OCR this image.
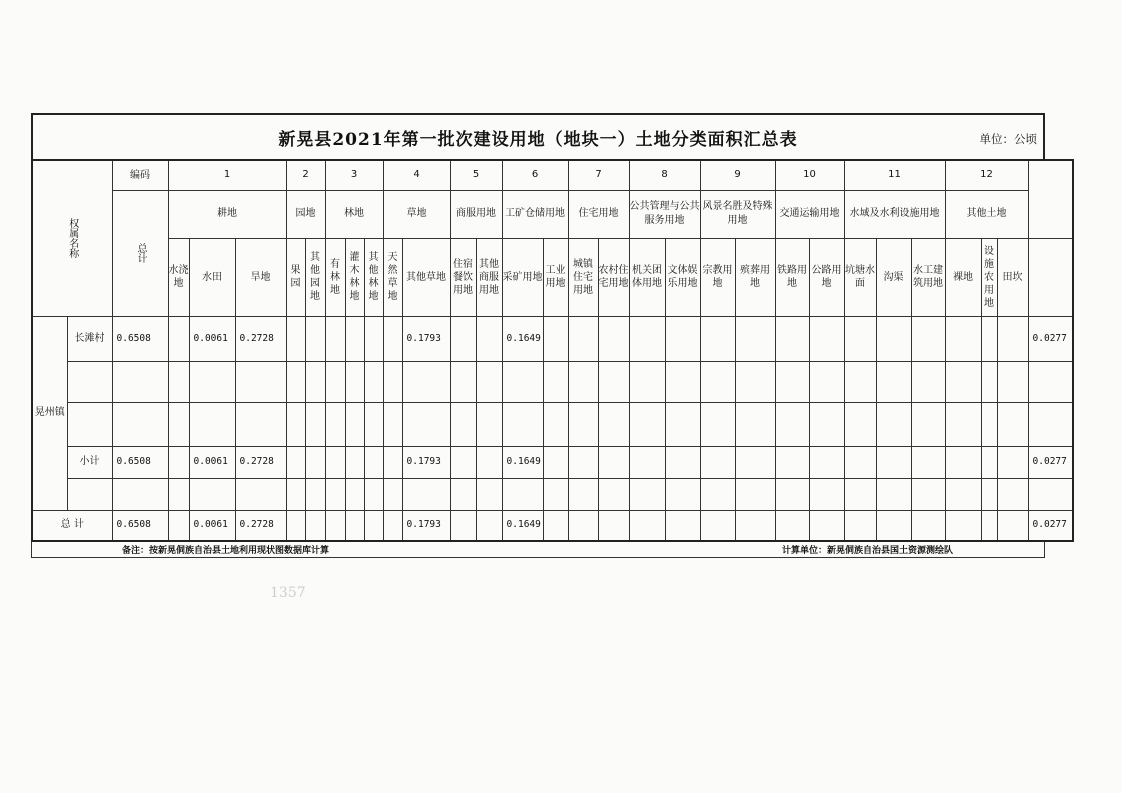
新晃县2021年第一批次建设用地（地块一）土地分类面积汇总表	单位：公顷
权属名称		编码	1			2		3			4		5		6		7		8		9		10		11			12			
		总计	耕地			园地		林地			草地		商服用地		工矿仓储用地		住宅用地		公共管理与公共服务用地		风景名胜及特殊用地		交通运输用地		水域及水利设施用地			其他土地			
			水浇地	水田	旱地	果园	其他园地	有林地	灌木林地	其他林地	天然草地	其他草地	住宿餐饮用地	其他商服用地	采矿用地	工业用地	城镇住宅用地	农村住宅用地	机关团体用地	文体娱乐用地	宗教用地	殡葬用地	铁路用地	公路用地	坑塘水面	沟渠	水工建筑用地	裸地	设施农用地	田坎	
晃州镇	长滩村	0.6508		0.0061	0.2728							0.1793			0.1649																0.0277

	小计	0.6508		0.0061	0.2728							0.1793			0.1649																0.0277

总 计		0.6508		0.0061	0.2728							0.1793			0.1649																0.0277
备注：按新晃侗族自治县土地利用现状图数据库计算	计算单位：新晃侗族自治县国土资源测绘队
1357
